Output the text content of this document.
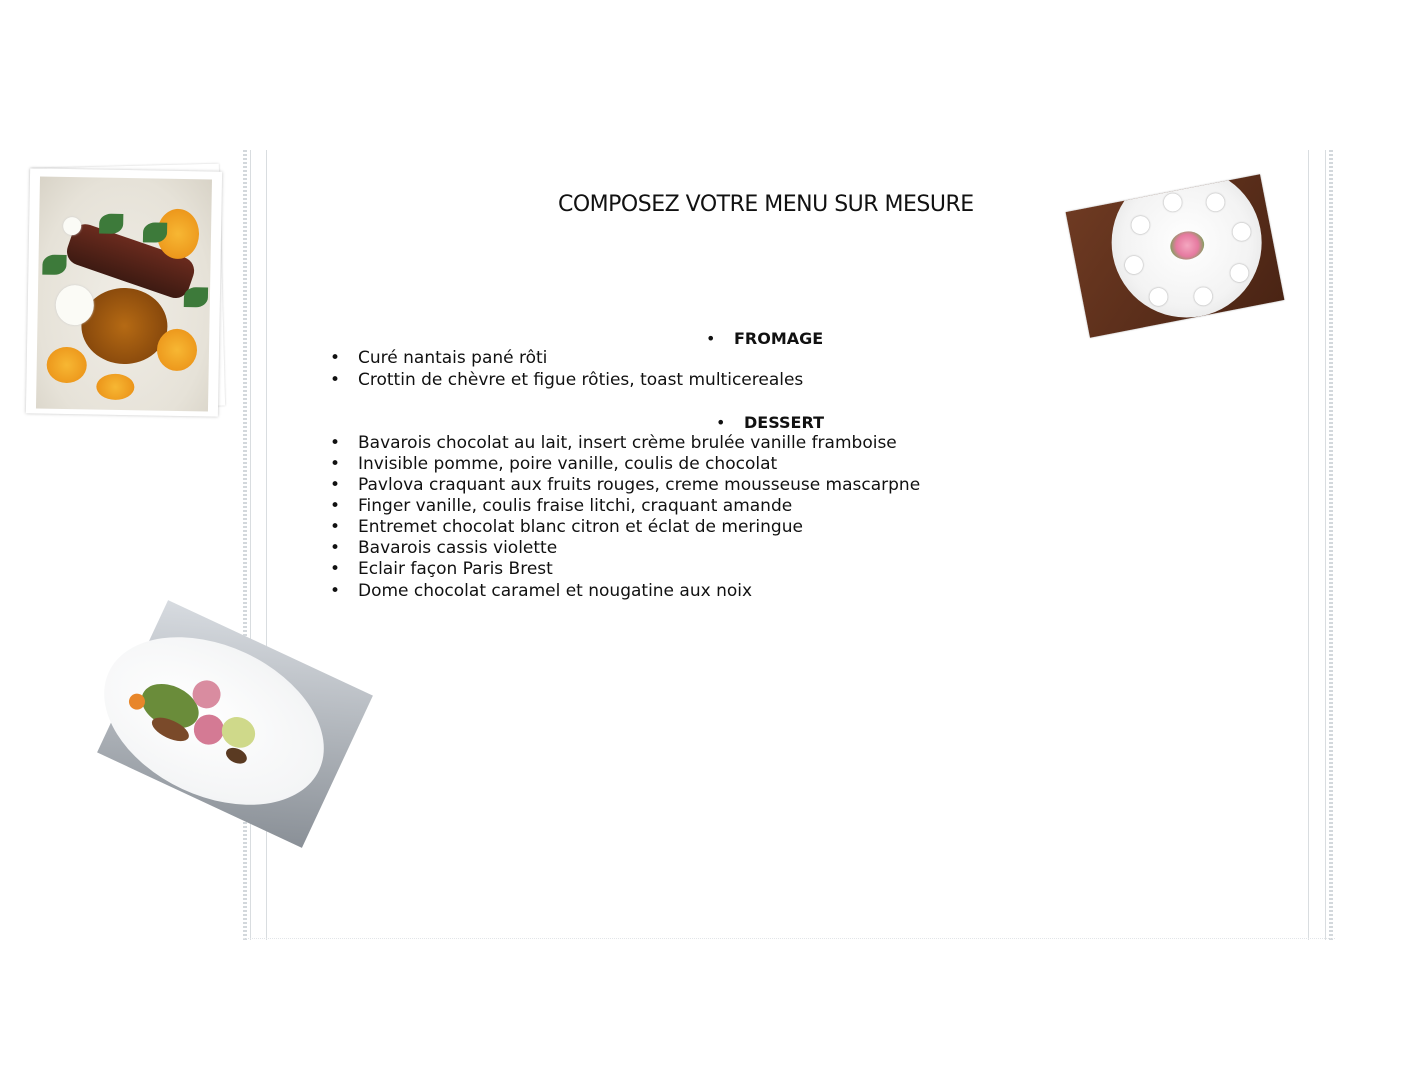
COMPOSEZ VOTRE MENU SUR MESURE
• FROMAGE
• Curé nantais pané rôti
• Crottin de chèvre et figue rôties, toast multicereales
• DESSERT
• Bavarois chocolat au lait, insert crème brulée vanille framboise
• Invisible pomme, poire vanille, coulis de chocolat
• Pavlova craquant aux fruits rouges, creme mousseuse mascarpne
• Finger vanille, coulis fraise litchi, craquant amande
• Entremet chocolat blanc citron et éclat de meringue
• Bavarois cassis violette
• Eclair façon Paris Brest
• Dome chocolat caramel et nougatine aux noix
